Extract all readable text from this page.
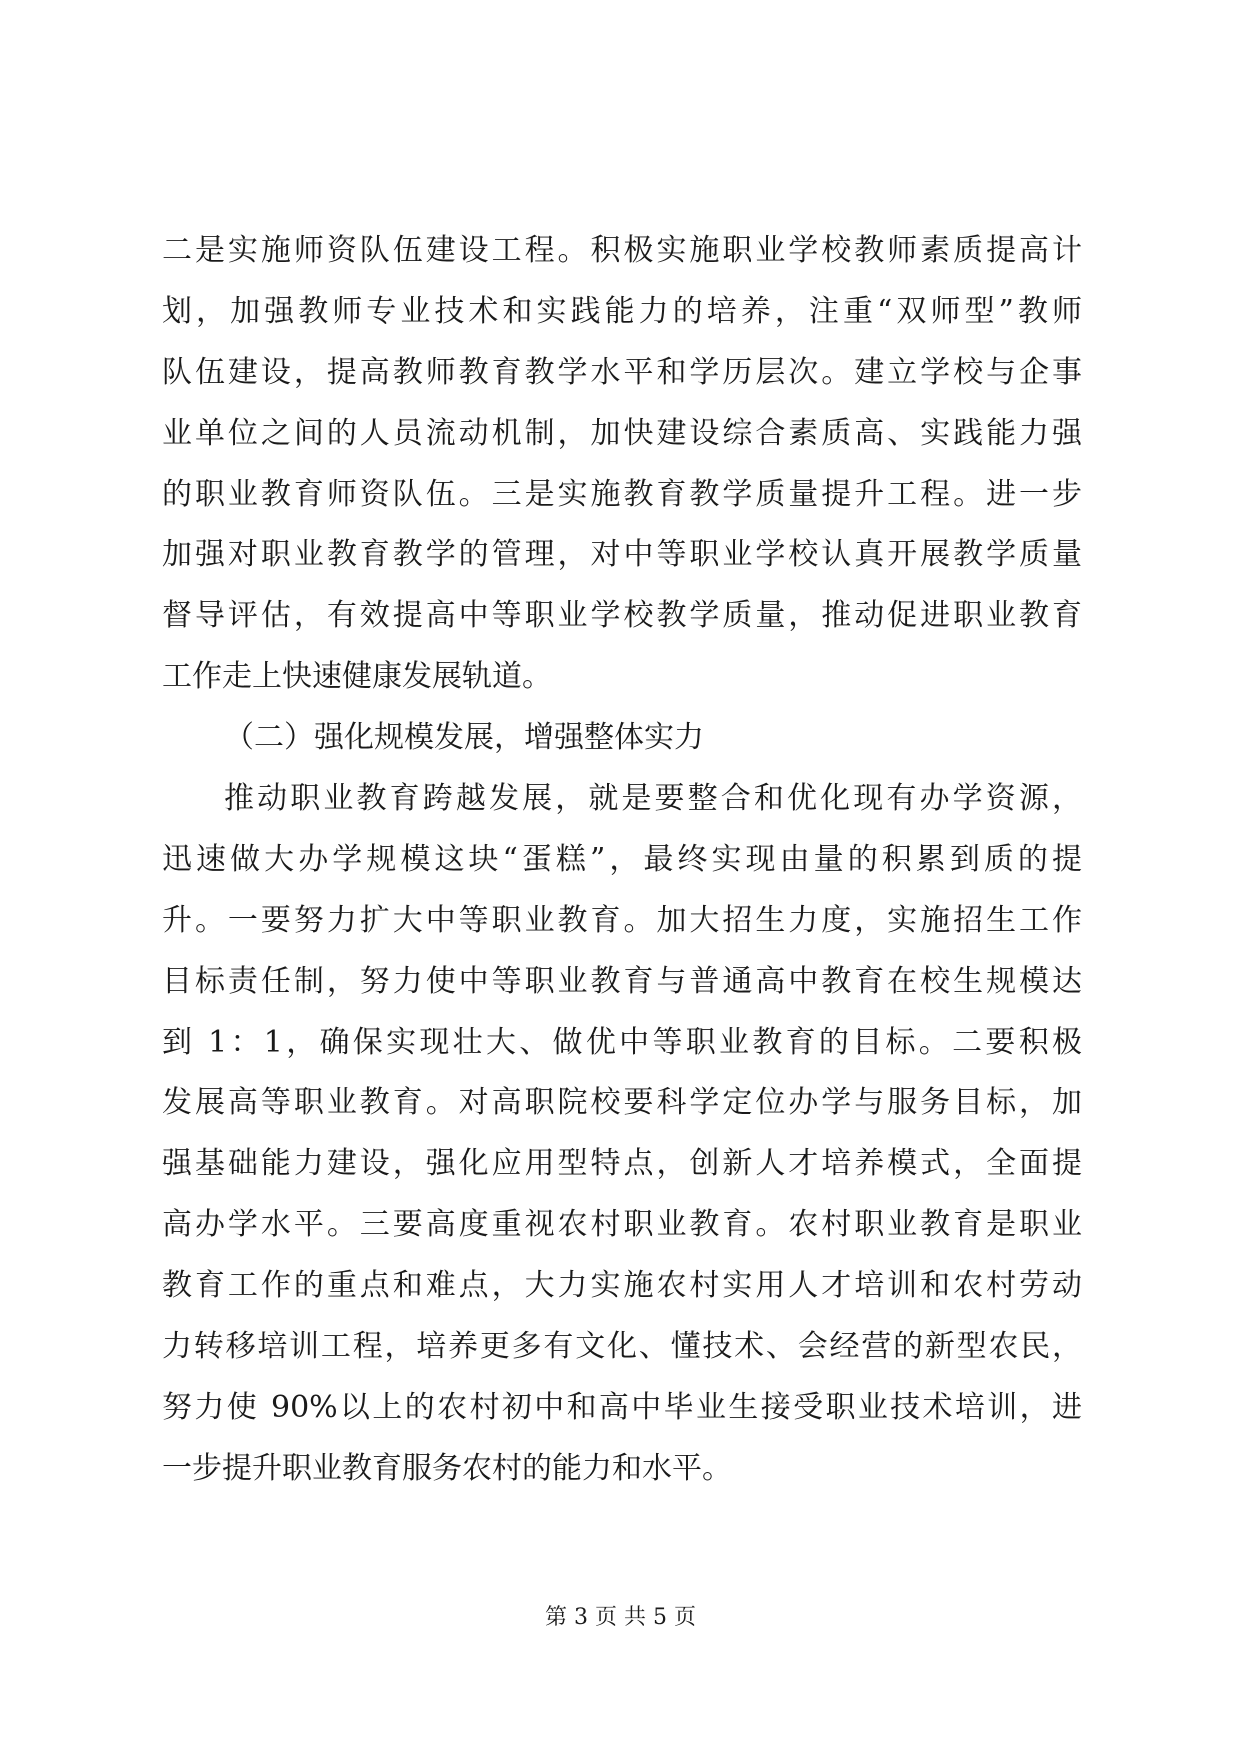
二是实施师资队伍建设工程。积极实施职业学校教师素质提高计
划，加强教师专业技术和实践能力的培养，注重“双师型”教师
队伍建设，提高教师教育教学水平和学历层次。建立学校与企事
业单位之间的人员流动机制，加快建设综合素质高、实践能力强
的职业教育师资队伍。三是实施教育教学质量提升工程。进一步
加强对职业教育教学的管理，对中等职业学校认真开展教学质量
督导评估，有效提高中等职业学校教学质量，推动促进职业教育
工作走上快速健康发展轨道。
（二）强化规模发展，增强整体实力
推动职业教育跨越发展，就是要整合和优化现有办学资源，
迅速做大办学规模这块“蛋糕”，最终实现由量的积累到质的提
升。一要努力扩大中等职业教育。加大招生力度，实施招生工作
目标责任制，努力使中等职业教育与普通高中教育在校生规模达
到 1：1，确保实现壮大、做优中等职业教育的目标。二要积极
发展高等职业教育。对高职院校要科学定位办学与服务目标，加
强基础能力建设，强化应用型特点，创新人才培养模式，全面提
高办学水平。三要高度重视农村职业教育。农村职业教育是职业
教育工作的重点和难点，大力实施农村实用人才培训和农村劳动
力转移培训工程，培养更多有文化、懂技术、会经营的新型农民，
努力使 90%以上的农村初中和高中毕业生接受职业技术培训，进
一步提升职业教育服务农村的能力和水平。
第 3 页 共 5 页
